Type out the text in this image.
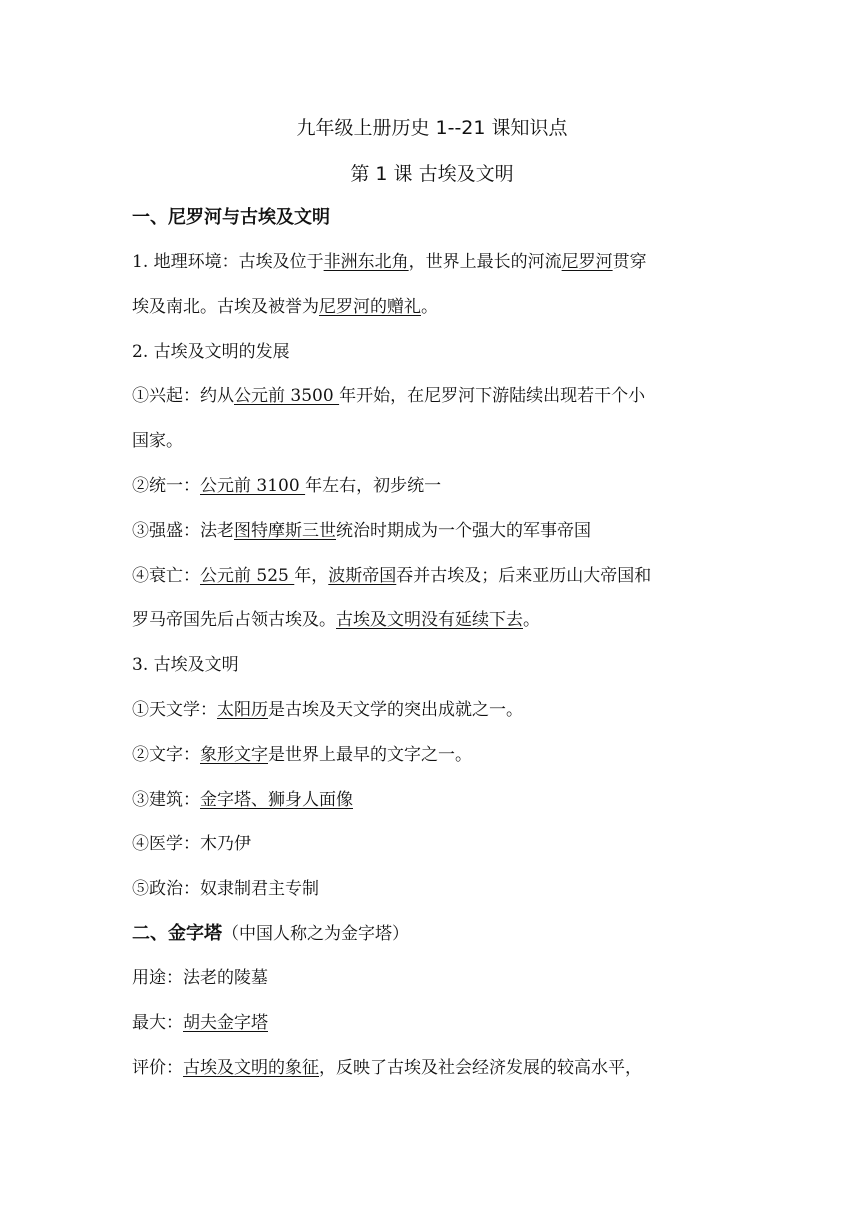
九年级上册历史 1--21 课知识点
第 1 课 古埃及文明
一、尼罗河与古埃及文明
1. 地理环境：古埃及位于非洲东北角，世界上最长的河流尼罗河贯穿
埃及南北。古埃及被誉为尼罗河的赠礼。
2. 古埃及文明的发展
①兴起：约从公元前 3500 年开始，在尼罗河下游陆续出现若干个小
国家。
②统一：公元前 3100 年左右，初步统一
③强盛：法老图特摩斯三世统治时期成为一个强大的军事帝国
④衰亡：公元前 525 年，波斯帝国吞并古埃及；后来亚历山大帝国和
罗马帝国先后占领古埃及。古埃及文明没有延续下去。
3. 古埃及文明
①天文学：太阳历是古埃及天文学的突出成就之一。
②文字：象形文字是世界上最早的文字之一。
③建筑：金字塔、狮身人面像
④医学：木乃伊
⑤政治：奴隶制君主专制
二、金字塔（中国人称之为金字塔）
用途：法老的陵墓
最大：胡夫金字塔
评价：古埃及文明的象征，反映了古埃及社会经济发展的较高水平，
